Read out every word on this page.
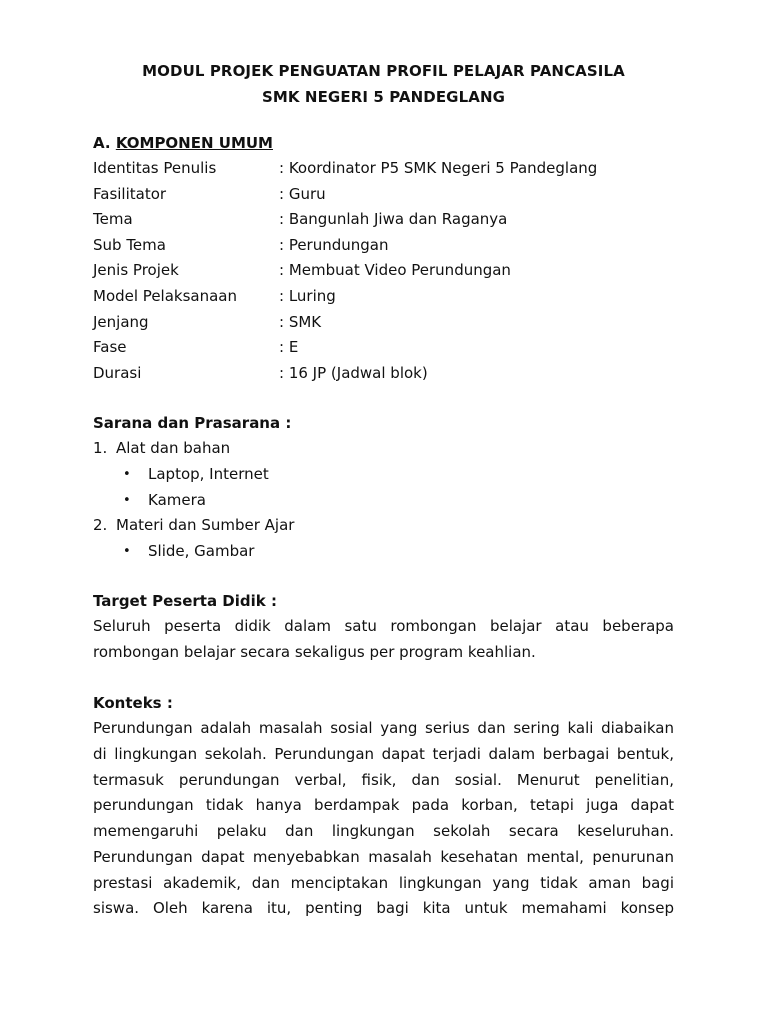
MODUL PROJEK PENGUATAN PROFIL PELAJAR PANCASILA
SMK NEGERI 5 PANDEGLANG
A. KOMPONEN UMUM
Identitas Penulis	: Koordinator P5 SMK Negeri 5 Pandeglang
Fasilitator	: Guru
Tema	: Bangunlah Jiwa dan Raganya
Sub Tema	: Perundungan
Jenis Projek	: Membuat Video Perundungan
Model Pelaksanaan	: Luring
Jenjang	: SMK
Fase	: E
Durasi	: 16 JP (Jadwal blok)
Sarana dan Prasarana :
1. Alat dan bahan
•	Laptop, Internet
•	Kamera
2. Materi dan Sumber Ajar
•	Slide, Gambar
Target Peserta Didik :
Seluruh peserta didik dalam satu rombongan belajar atau beberapa
rombongan belajar secara sekaligus per program keahlian.
Konteks :
Perundungan adalah masalah sosial yang serius dan sering kali diabaikan
di lingkungan sekolah. Perundungan dapat terjadi dalam berbagai bentuk,
termasuk perundungan verbal, fisik, dan sosial. Menurut penelitian,
perundungan tidak hanya berdampak pada korban, tetapi juga dapat
memengaruhi pelaku dan lingkungan sekolah secara keseluruhan.
Perundungan dapat menyebabkan masalah kesehatan mental, penurunan
prestasi akademik, dan menciptakan lingkungan yang tidak aman bagi
siswa. Oleh karena itu, penting bagi kita untuk memahami konsep
